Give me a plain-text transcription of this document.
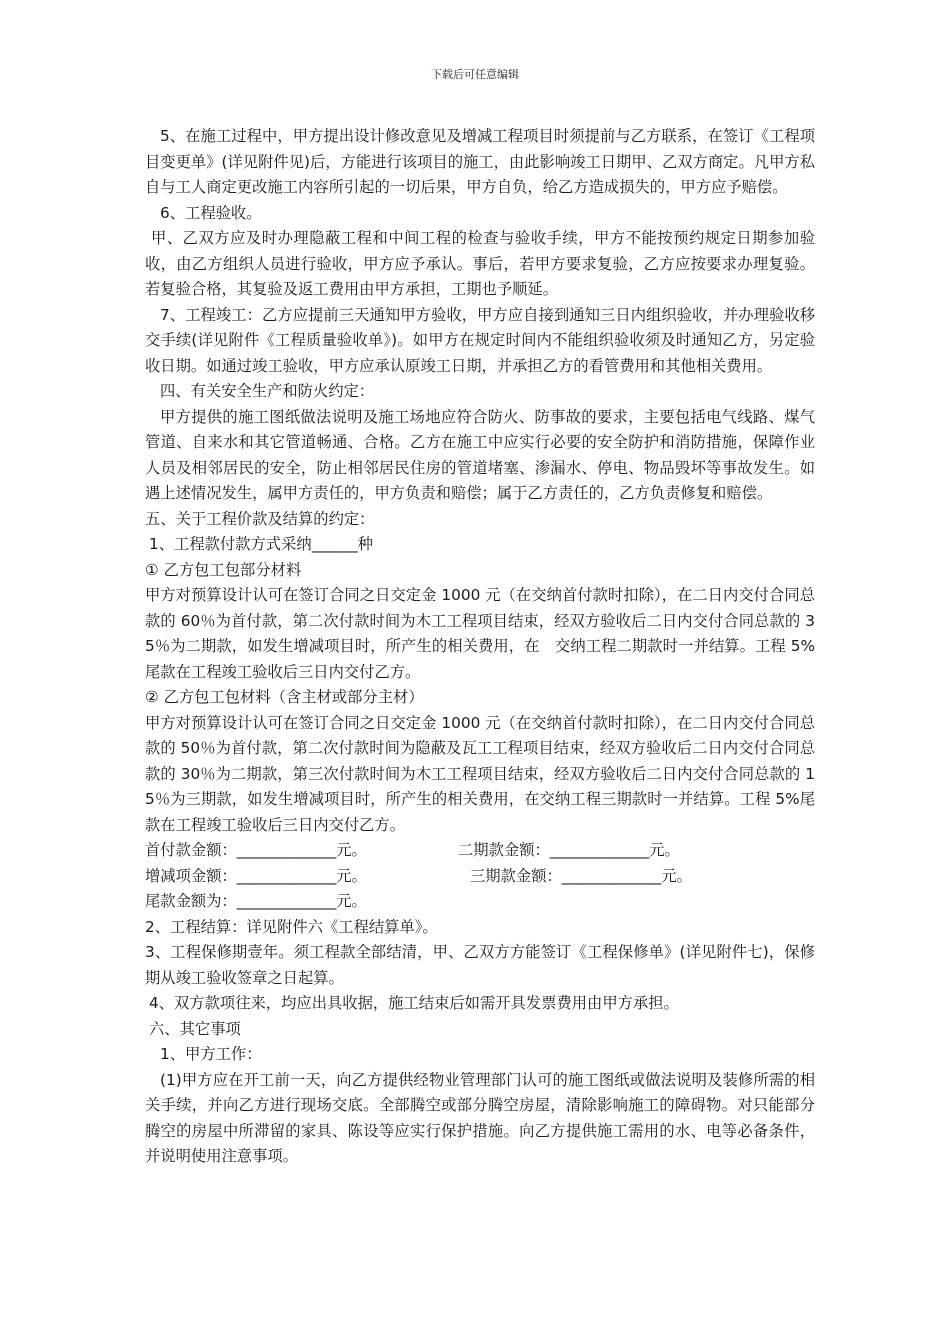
下载后可任意编辑

5、在施工过程中，甲方提出设计修改意见及增减工程项目时须提前与乙方联系，在签订《工程项目变更单》(详见附件见)后，方能进行该项目的施工，由此影响竣工日期甲、乙双方商定。凡甲方私自与工人商定更改施工内容所引起的一切后果，甲方自负，给乙方造成损失的，甲方应予赔偿。

6、工程验收。

甲、乙双方应及时办理隐蔽工程和中间工程的检查与验收手续，甲方不能按预约规定日期参加验收，由乙方组织人员进行验收，甲方应予承认。事后，若甲方要求复验，乙方应按要求办理复验。若复验合格，其复验及返工费用由甲方承担，工期也予顺延。

7、工程竣工：乙方应提前三天通知甲方验收，甲方应自接到通知三日内组织验收，并办理验收移交手续(详见附件《工程质量验收单》)。如甲方在规定时间内不能组织验收须及时通知乙方，另定验收日期。如通过竣工验收，甲方应承认原竣工日期，并承担乙方的看管费用和其他相关费用。

四、有关安全生产和防火约定：

甲方提供的施工图纸做法说明及施工场地应符合防火、防事故的要求，主要包括电气线路、煤气管道、自来水和其它管道畅通、合格。乙方在施工中应实行必要的安全防护和消防措施，保障作业人员及相邻居民的安全，防止相邻居民住房的管道堵塞、渗漏水、停电、物品毁坏等事故发生。如遇上述情况发生，属甲方责任的，甲方负责和赔偿；属于乙方责任的，乙方负责修复和赔偿。

五、关于工程价款及结算的约定：

1、工程款付款方式采纳______种

① 乙方包工包部分材料

甲方对预算设计认可在签订合同之日交定金 1000 元（在交纳首付款时扣除），在二日内交付合同总款的 60％为首付款，第二次付款时间为木工工程项目结束，经双方验收后二日内交付合同总款的 35％为二期款，如发生增减项目时，所产生的相关费用，在　交纳工程二期款时一并结算。工程 5%尾款在工程竣工验收后三日内交付乙方。

② 乙方包工包材料（含主材或部分主材）

甲方对预算设计认可在签订合同之日交定金 1000 元（在交纳首付款时扣除），在二日内交付合同总款的 50％为首付款，第二次付款时间为隐蔽及瓦工工程项目结束，经双方验收后二日内交付合同总款的 30％为二期款，第三次付款时间为木工工程项目结束，经双方验收后二日内交付合同总款的 15％为三期款，如发生增减项目时，所产生的相关费用，在交纳工程三期款时一并结算。工程 5%尾款在工程竣工验收后三日内交付乙方。

首付款金额：_____________元。	二期款金额：_____________元。
增减项金额：_____________元。	三期款金额：_____________元。
尾款金额为：_____________元。

2、工程结算：详见附件六《工程结算单》。

3、工程保修期壹年。须工程款全部结清，甲、乙双方方能签订《工程保修单》(详见附件七)，保修期从竣工验收签章之日起算。

4、双方款项往来，均应出具收据，施工结束后如需开具发票费用由甲方承担。

六、其它事项

1、甲方工作：

(1)甲方应在开工前一天，向乙方提供经物业管理部门认可的施工图纸或做法说明及装修所需的相关手续，并向乙方进行现场交底。全部腾空或部分腾空房屋，清除影响施工的障碍物。对只能部分腾空的房屋中所滞留的家具、陈设等应实行保护措施。向乙方提供施工需用的水、电等必备条件，并说明使用注意事项。
